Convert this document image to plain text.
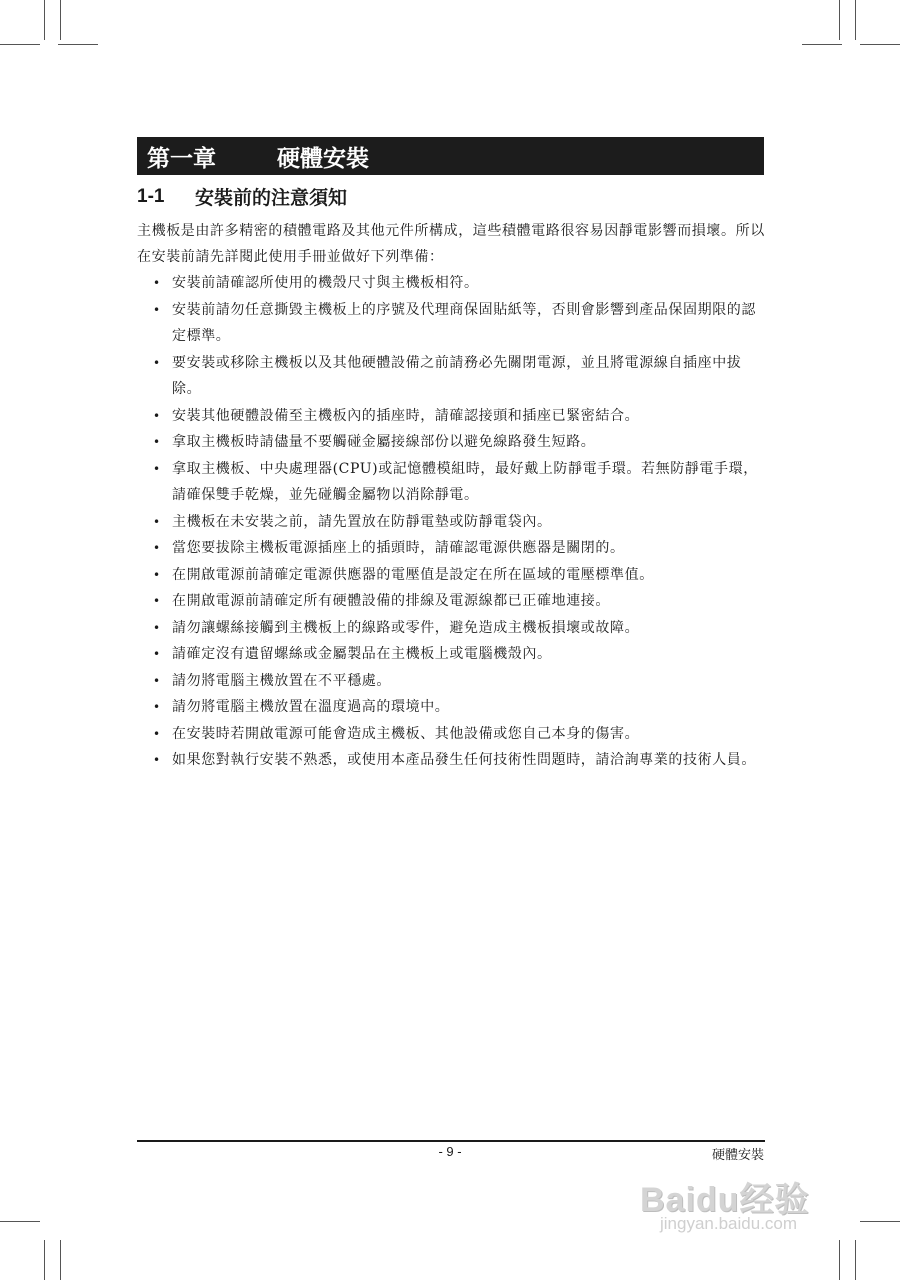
第一章	硬體安裝
1-1	安裝前的注意須知

主機板是由許多精密的積體電路及其他元件所構成，這些積體電路很容易因靜電影響而損壞。所以在安裝前請先詳閱此使用手冊並做好下列準備：

• 安裝前請確認所使用的機殼尺寸與主機板相符。
• 安裝前請勿任意撕毀主機板上的序號及代理商保固貼紙等，否則會影響到產品保固期限的認定標準。
• 要安裝或移除主機板以及其他硬體設備之前請務必先關閉電源，並且將電源線自插座中拔除。
• 安裝其他硬體設備至主機板內的插座時，請確認接頭和插座已緊密結合。
• 拿取主機板時請儘量不要觸碰金屬接線部份以避免線路發生短路。
• 拿取主機板、中央處理器(CPU)或記憶體模組時，最好戴上防靜電手環。若無防靜電手環，請確保雙手乾燥，並先碰觸金屬物以消除靜電。
• 主機板在未安裝之前，請先置放在防靜電墊或防靜電袋內。
• 當您要拔除主機板電源插座上的插頭時，請確認電源供應器是關閉的。
• 在開啟電源前請確定電源供應器的電壓值是設定在所在區域的電壓標準值。
• 在開啟電源前請確定所有硬體設備的排線及電源線都已正確地連接。
• 請勿讓螺絲接觸到主機板上的線路或零件，避免造成主機板損壞或故障。
• 請確定沒有遺留螺絲或金屬製品在主機板上或電腦機殼內。
• 請勿將電腦主機放置在不平穩處。
• 請勿將電腦主機放置在溫度過高的環境中。
• 在安裝時若開啟電源可能會造成主機板、其他設備或您自己本身的傷害。
• 如果您對執行安裝不熟悉，或使用本產品發生任何技術性問題時，請洽詢專業的技術人員。
- 9 -	硬體安裝
Baidu经验
jingyan.baidu.com
